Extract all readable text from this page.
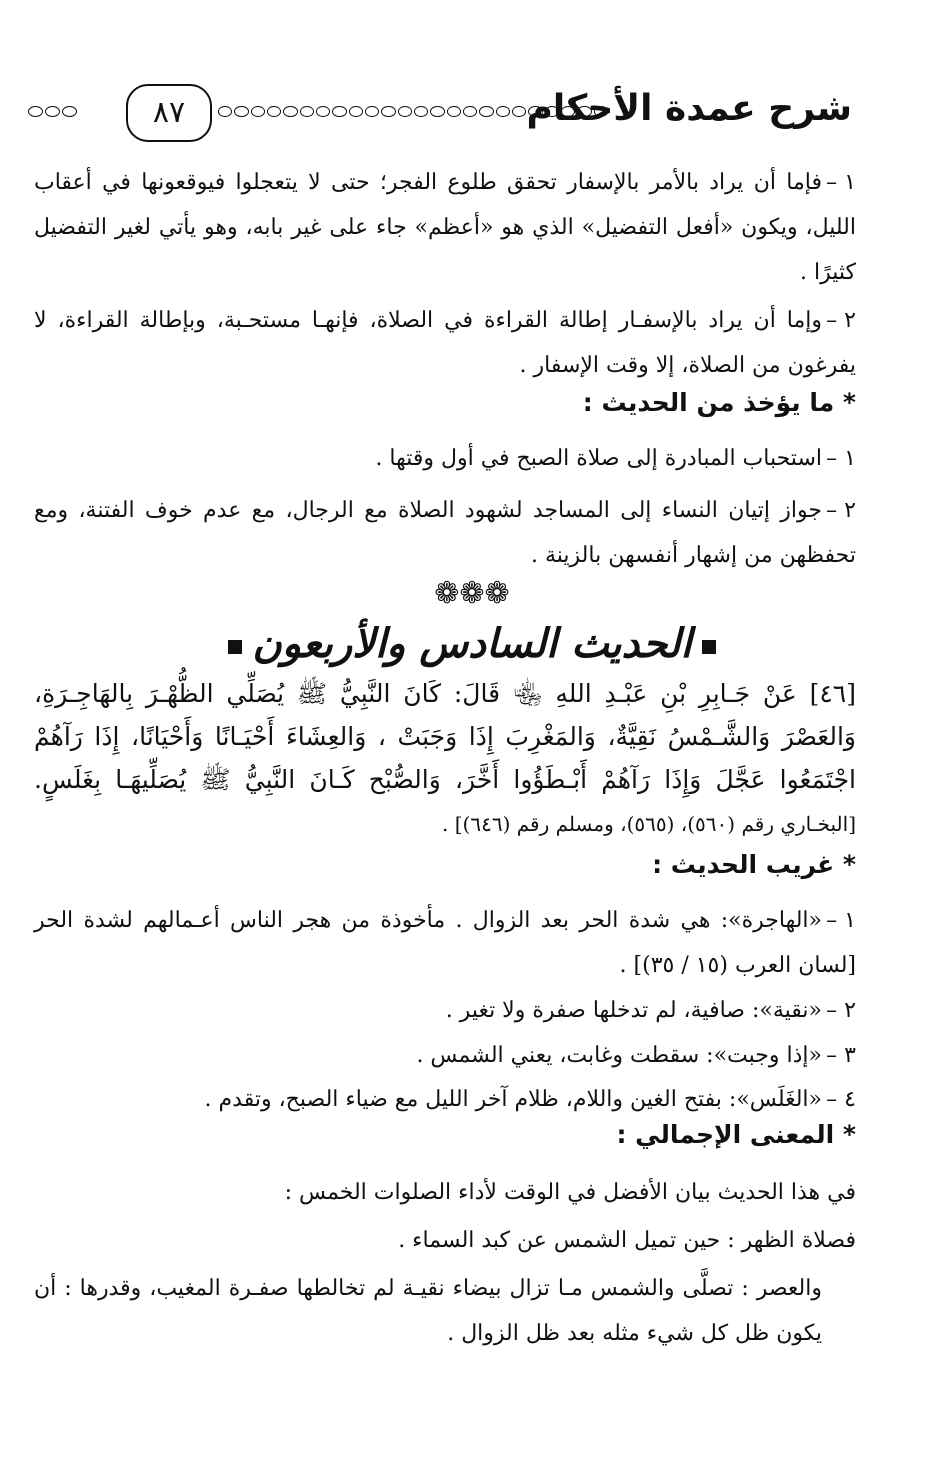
شرح عمدة الأحكام
٨٧
١ –فإما أن يراد بالأمر بالإسفار تحقق طلوع الفجر؛ حتى لا يتعجلوا فيوقعونها في أعقاب الليل، ويكون «أفعل التفضيل» الذي هو «أعظم» جاء على غير بابه، وهو يأتي لغير التفضيل كثيرًا .
٢ –وإما أن يراد بالإسفـار إطالة القراءة في الصلاة، فإنهـا مستحـبة، وبإطالة القراءة، لا يفرغون من الصلاة، إلا وقت الإسفار .
* ما يؤخذ من الحديث :
١ –استحباب المبادرة إلى صلاة الصبح في أول وقتها .
٢ –جواز إتيان النساء إلى المساجد لشهود الصلاة مع الرجال، مع عدم خوف الفتنة، ومع تحفظهن من إشهار أنفسهن بالزينة .
❁❁❁
الحديث السادس والأربعون
[٤٦] عَنْ جَـابِرِ بْنِ عَبْـدِ اللهِ ﵄ قَالَ: كَانَ النَّبِيُّ ﷺ يُصَلِّي الظُّهْـرَ بِالهَاجِـرَةِ، وَالعَصْرَ وَالشَّـمْسُ نَقِيَّةٌ، وَالمَغْرِبَ إِذَا وَجَبَتْ ، وَالعِشَاءَ أَحْيَـانًا وَأَحْيَانًا، إِذَا رَآهُمْ اجْتَمَعُوا عَجَّلَ وَإِذَا رَآهُمْ أَبْـطَؤُوا أَخَّرَ، وَالصُّبْح كَـانَ النَّبِيُّ ﷺ يُصَلِّيهَـا بِغَلَسٍ. [البخـاري رقم (٥٦٠)، (٥٦٥)، ومسلم رقم (٦٤٦)] .
* غريب الحديث :
١ –«الهاجرة»: هي شدة الحر بعد الزوال . مأخوذة من هجر الناس أعـمالهم لشدة الحر [لسان العرب (١٥ / ٣٥)] .
٢ –«نقية»: صافية، لم تدخلها صفرة ولا تغير .
٣ –«إذا وجبت»: سقطت وغابت، يعني الشمس .
٤ –«الغَلَس»: بفتح الغين واللام، ظلام آخر الليل مع ضياء الصبح، وتقدم .
* المعنى الإجمالي :
في هذا الحديث بيان الأفضل في الوقت لأداء الصلوات الخمس :
فصلاة الظهر : حين تميل الشمس عن كبد السماء .
والعصر : تصلَّى والشمس مـا تزال بيضاء نقيـة لم تخالطها صفـرة المغيب، وقدرها : أن يكون ظل كل شيء مثله بعد ظل الزوال .
